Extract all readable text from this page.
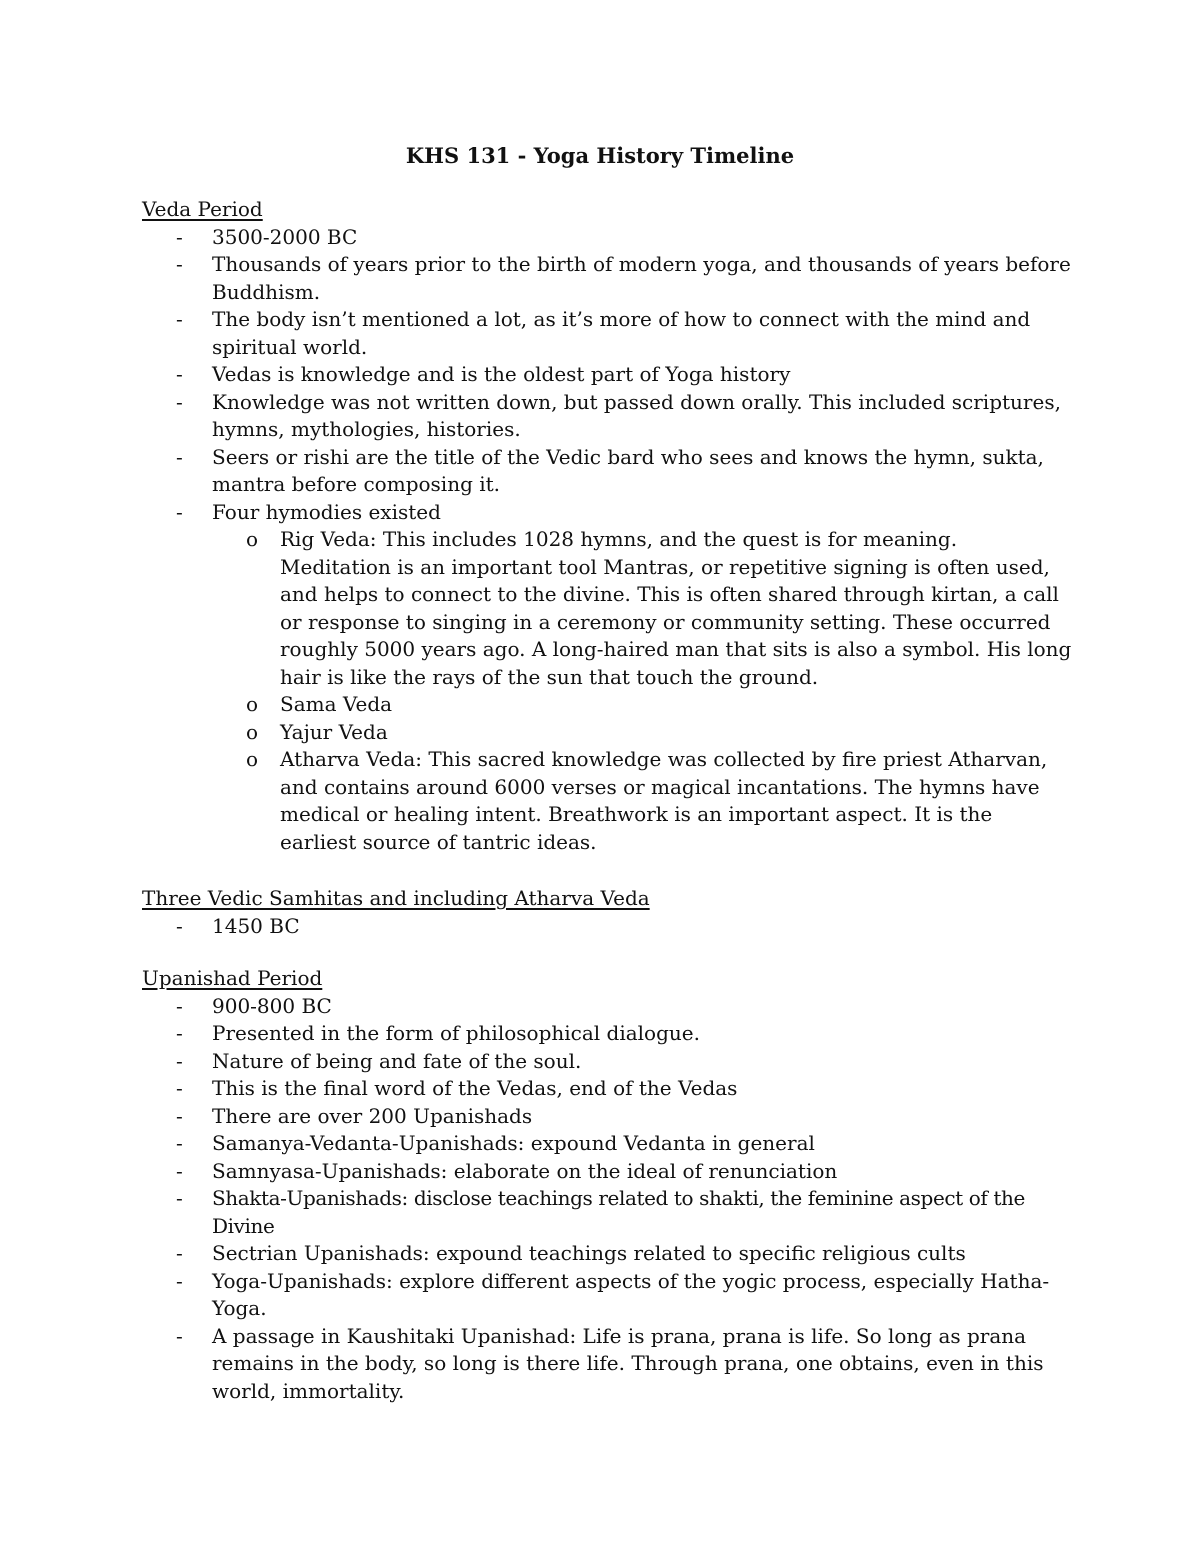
KHS 131 - Yoga History Timeline
Veda Period
- 3500-2000 BC
- Thousands of years prior to the birth of modern yoga, and thousands of years before Buddhism.
- The body isn’t mentioned a lot, as it’s more of how to connect with the mind and spiritual world.
- Vedas is knowledge and is the oldest part of Yoga history
- Knowledge was not written down, but passed down orally. This included scriptures, hymns, mythologies, histories.
- Seers or rishi are the title of the Vedic bard who sees and knows the hymn, sukta, mantra before composing it.
- Four hymodies existed
o Rig Veda: This includes 1028 hymns, and the quest is for meaning. Meditation is an important tool Mantras, or repetitive signing is often used, and helps to connect to the divine. This is often shared through kirtan, a call or response to singing in a ceremony or community setting. These occurred roughly 5000 years ago. A long-haired man that sits is also a symbol. His long hair is like the rays of the sun that touch the ground.
o Sama Veda
o Yajur Veda
o Atharva Veda: This sacred knowledge was collected by fire priest Atharvan, and contains around 6000 verses or magical incantations. The hymns have medical or healing intent. Breathwork is an important aspect. It is the earliest source of tantric ideas.
Three Vedic Samhitas and including Atharva Veda
- 1450 BC
Upanishad Period
- 900-800 BC
- Presented in the form of philosophical dialogue.
- Nature of being and fate of the soul.
- This is the final word of the Vedas, end of the Vedas
- There are over 200 Upanishads
- Samanya-Vedanta-Upanishads: expound Vedanta in general
- Samnyasa-Upanishads: elaborate on the ideal of renunciation
- Shakta-Upanishads: disclose teachings related to shakti, the feminine aspect of the Divine
- Sectrian Upanishads: expound teachings related to specific religious cults
- Yoga-Upanishads: explore different aspects of the yogic process, especially Hatha-Yoga.
- A passage in Kaushitaki Upanishad: Life is prana, prana is life. So long as prana remains in the body, so long is there life. Through prana, one obtains, even in this world, immortality.
